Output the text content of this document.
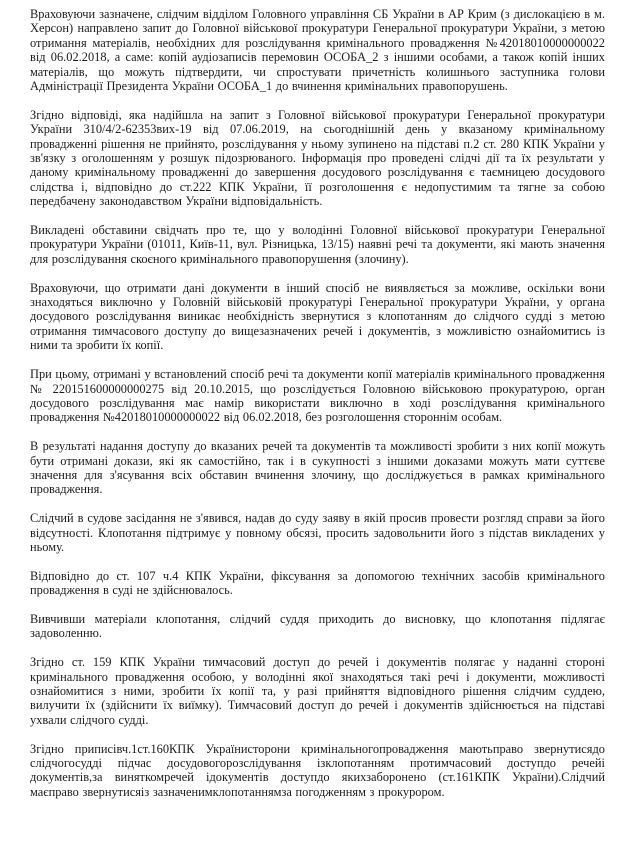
Враховуючи зазначене, слідчим відділом Головного управління СБ України в АР Крим (з дислокацією в м. Херсон) направлено запит до Головної військової прокуратури Генеральної прокуратури України, з метою отримання матеріалів, необхідних для розслідування кримінального провадження №42018010000000022 від 06.02.2018, а саме: копій аудіозаписів перемовин ОСОБА_2 з іншими особами, а також копій інших матеріалів, що можуть підтвердити, чи спростувати причетність колишнього заступника голови Адміністрації Президента України ОСОБА_1 до вчинення кримінальних правопорушень.

Згідно відповіді, яка надійшла на запит з Головної військової прокуратури Генеральної прокуратури України 310/4/2-62353вих-19 від 07.06.2019, на сьогоднішній день у вказаному кримінальному провадженні рішення не прийнято, розслідування у ньому зупинено на підставі п.2 ст. 280 КПК України у зв'язку з оголошенням у розшук підозрюваного. Інформація про проведені слідчі дії та їх результати у даному кримінальному провадженні до завершення досудового розслідування є таємницею досудового слідства і, відповідно до ст.222 КПК України, її розголошення є недопустимим та тягне за собою передбачену законодавством України відповідальність.

Викладені обставини свідчать про те, що у володінні Головної військової прокуратури Генеральної прокуратури України (01011, Київ-11, вул. Різницька, 13/15) наявні речі та документи, які мають значення для розслідування скоєного кримінального правопорушення (злочину).

Враховуючи, що отримати дані документи в інший спосіб не виявляється за можливе, оскільки вони знаходяться виключно у Головній військовій прокуратурі Генеральної прокуратури України, у органа досудового розслідування виникає необхідність звернутися з клопотанням до слідчого судді з метою отримання тимчасового доступу до вищезазначених речей і документів, з можливістю ознайомитись із ними та зробити їх копії.

При цьому, отримані у встановлений спосіб речі та документи копії матеріалів кримінального провадження № 220151600000000275 від 20.10.2015, що розслідується Головною військовою прокуратурою, орган досудового розслідування має намір використати виключно в ході розслідування кримінального провадження №42018010000000022 від 06.02.2018, без розголошення стороннім особам.

В результаті надання доступу до вказаних речей та документів та можливості зробити з них копії можуть бути отримані докази, які як самостійно, так і в сукупності з іншими доказами можуть мати суттєве значення для з'ясування всіх обставин вчинення злочину, що досліджується в рамках кримінального провадження.

Слідчий в судове засідання не з'явився, надав до суду заяву в якій просив провести розгляд справи за його відсутності. Клопотання підтримує у повному обсязі, просить задовольнити його з підстав викладених у ньому.

Відповідно до ст. 107 ч.4 КПК України, фіксування за допомогою технічних засобів кримінального провадження в суді не здійснювалось.

Вивчивши матеріали клопотання, слідчий суддя приходить до висновку, що клопотання підлягає задоволенню.

Згідно ст. 159 КПК України тимчасовий доступ до речей і документів полягає у наданні стороні кримінального провадження особою, у володінні якої знаходяться такі речі і документи, можливості ознайомитися з ними, зробити їх копії та, у разі прийняття відповідного рішення слідчим суддею, вилучити їх (здійснити їх виїмку). Тимчасовий доступ до речей і документів здійснюється на підставі ухвали слідчого судді.

Згідно приписівч.1ст.160КПК Українисторони кримінальногопровадження маютьправо звернутисядо слідчогосудді підчас досудовогорозслідування ізклопотанням протимчасовий доступдо речейі документів,за виняткомречей ідокументів доступдо якихзаборонено (ст.161КПК України).Слідчий маєправо звернутисяіз зазначенимклопотаннямза погодженням з прокурором.
